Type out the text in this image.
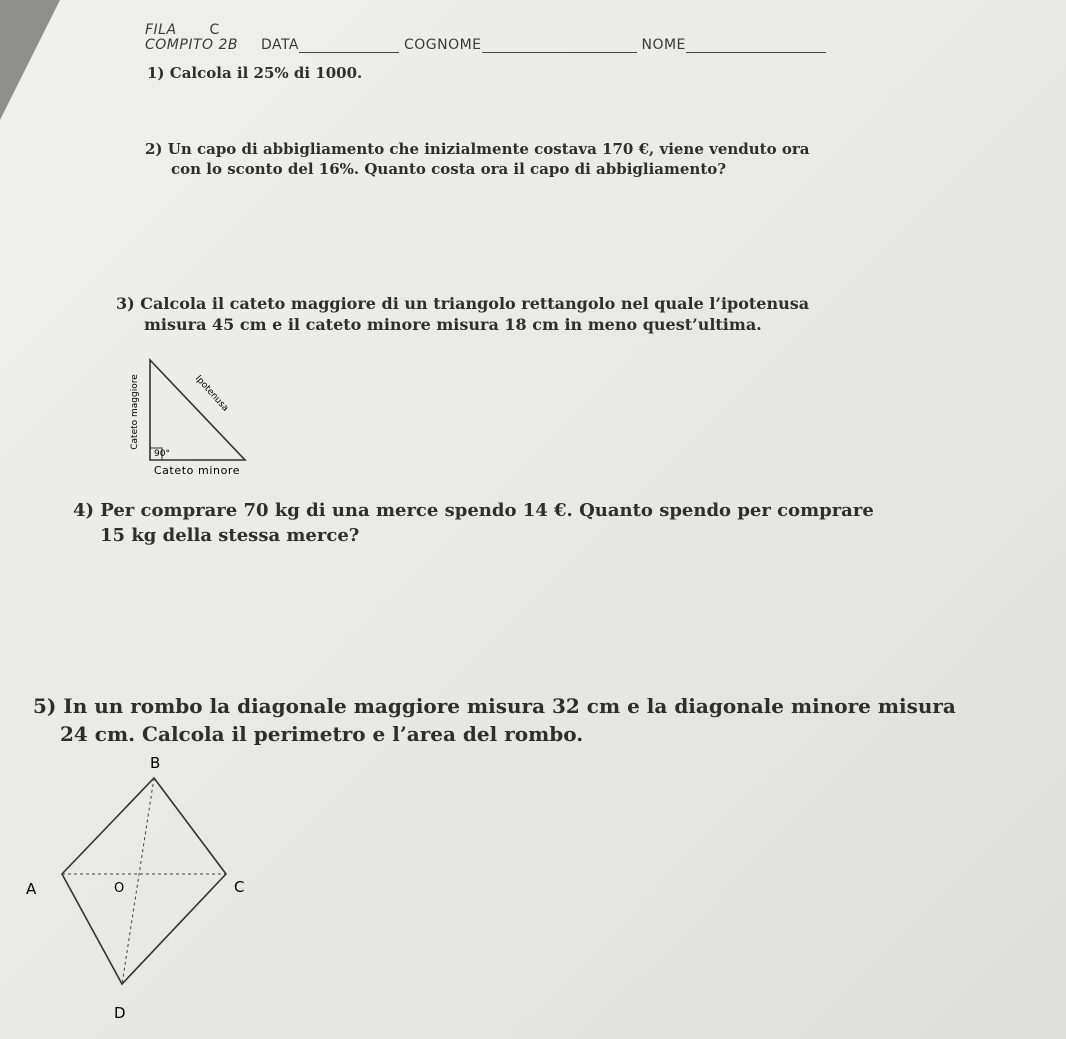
FILA C
COMPITO 2B DATA	COGNOME	NOME
1) Calcola il 25% di 1000.
2) Un capo di abbigliamento che inizialmente costava 170 €, viene venduto ora
con lo sconto del 16%. Quanto costa ora il capo di abbigliamento?
3) Calcola il cateto maggiore di un triangolo rettangolo nel quale l’ipotenusa
misura 45 cm e il cateto minore misura 18 cm in meno quest’ultima.
Cateto maggiore	Ipotenusa
90°
Cateto minore
4) Per comprare 70 kg di una merce spendo 14 €. Quanto spendo per comprare
15 kg della stessa merce?
5) In un rombo la diagonale maggiore misura 32 cm e la diagonale minore misura
24 cm. Calcola il perimetro e l’area del rombo.
B
A	C
D
O
